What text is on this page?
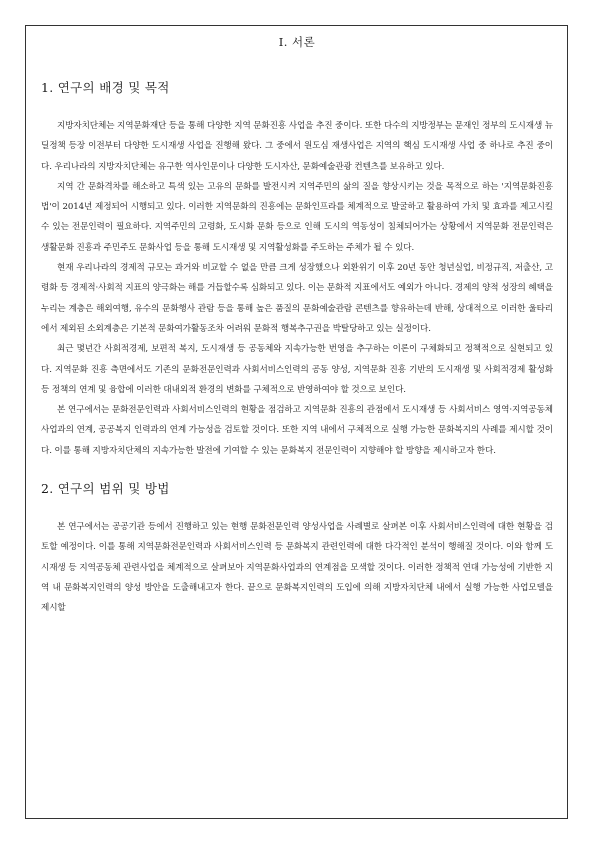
Ⅰ. 서론
1. 연구의 배경 및 목적

지방자치단체는 지역문화재단 등을 통해 다양한 지역 문화진흥 사업을 추진 중이다. 또한 다수의 지방정부는 문재인 정부의 도시재생 뉴딜정책 등장 이전부터 다양한 도시재생 사업을 진행해 왔다. 그 중에서 원도심 재생사업은 지역의 핵심 도시재생 사업 중 하나로 추진 중이다. 우리나라의 지방자치단체는 유구한 역사인문이나 다양한 도시자산, 문화예술관광 컨텐츠를 보유하고 있다.

지역 간 문화격차를 해소하고 특색 있는 고유의 문화를 발전시켜 지역주민의 삶의 질을 향상시키는 것을 목적으로 하는 '지역문화진흥법'이 2014년 제정되어 시행되고 있다. 이러한 지역문화의 진흥에는 문화인프라를 체계적으로 발굴하고 활용하여 가치 및 효과를 제고시킬 수 있는 전문인력이 필요하다. 지역주민의 고령화, 도시화 문화 등으로 인해 도시의 역동성이 침체되어가는 상황에서 지역문화 전문인력은 생활문화 진흥과 주민주도 문화사업 등을 통해 도시재생 및 지역활성화를 주도하는 주체가 될 수 있다.

현재 우리나라의 경제적 규모는 과거와 비교할 수 없을 만큼 크게 성장했으나 외환위기 이후 20년 동안 청년실업, 비정규직, 저출산, 고령화 등 경제적·사회적 지표의 양극화는 해를 거듭할수록 심화되고 있다. 이는 문화적 지표에서도 예외가 아니다. 경제의 양적 성장의 혜택을 누리는 계층은 해외여행, 유수의 문화행사 관람 등을 통해 높은 품질의 문화예술관람 콘텐츠를 향유하는데 반해, 상대적으로 이러한 울타리에서 제외된 소외계층은 기본적 문화여가활동조차 어려워 문화적 행복추구권을 박탈당하고 있는 실정이다.

최근 몇년간 사회적경제, 보편적 복지, 도시재생 등 공동체와 지속가능한 번영을 추구하는 이론이 구체화되고 정책적으로 실현되고 있다. 지역문화 진흥 측면에서도 기존의 문화전문인력과 사회서비스인력의 공동 양성, 지역문화 진흥 기반의 도시재생 및 사회적경제 활성화 등 정책의 연계 및 융합에 이러한 대내외적 환경의 변화를 구체적으로 반영하여야 할 것으로 보인다.

본 연구에서는 문화전문인력과 사회서비스인력의 현황을 점검하고 지역문화 진흥의 관점에서 도시재생 등 사회서비스 영역·지역공동체사업과의 연계, 공공복지 인력과의 연계 가능성을 검토할 것이다. 또한 지역 내에서 구체적으로 실행 가능한 문화복지의 사례를 제시할 것이다. 이를 통해 지방자치단체의 지속가능한 발전에 기여할 수 있는 문화복지 전문인력이 지향해야 할 방향을 제시하고자 한다.

2. 연구의 범위 및 방법

본 연구에서는 공공기관 등에서 진행하고 있는 현행 문화전문인력 양성사업을 사례별로 살펴본 이후 사회서비스인력에 대한 현황을 검토할 예정이다. 이를 통해 지역문화전문인력과 사회서비스인력 등 문화복지 관련인력에 대한 다각적인 분석이 행해질 것이다. 이와 함께 도시재생 등 지역공동체 관련사업을 체계적으로 살펴보아 지역문화사업과의 연계점을 모색할 것이다. 이러한 정책적 연대 가능성에 기반한 지역 내 문화복지인력의 양성 방안을 도출해내고자 한다. 끝으로 문화복지인력의 도입에 의해 지방자치단체 내에서 실행 가능한 사업모델을 제시할
